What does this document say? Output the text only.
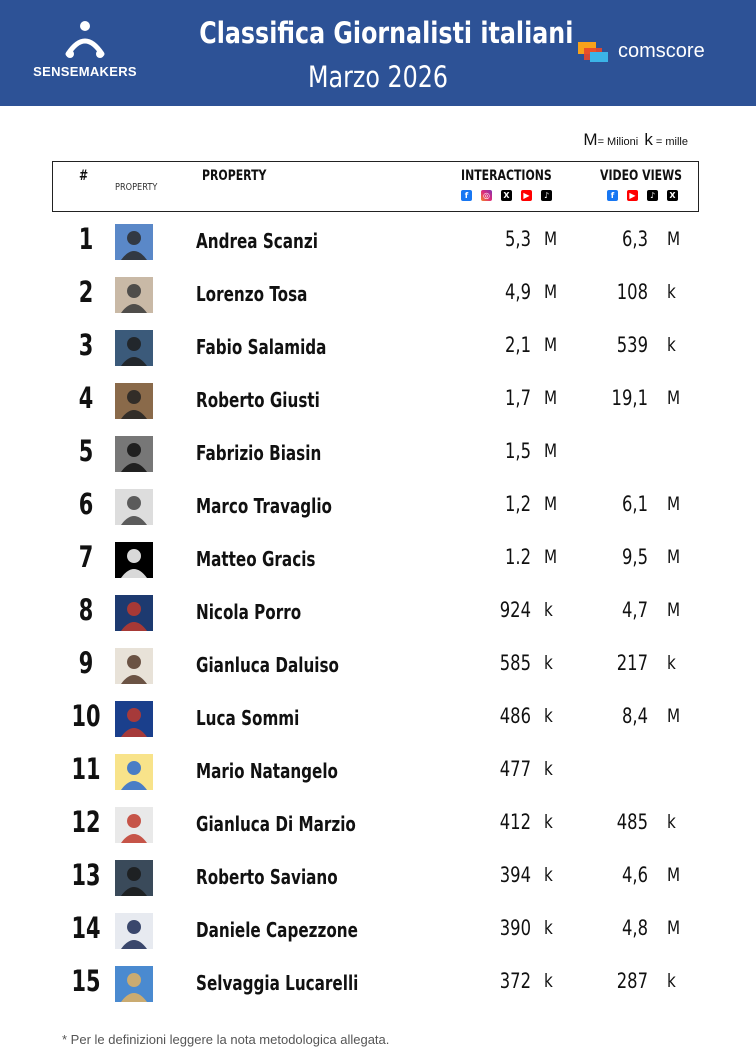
SENSEMAKERS
Classifica Giornalisti italiani
Marzo 2026
comscore
M= Milioni k = mille
#
PROPERTY
PROPERTY	INTERACTIONS
f	◎	X	▶	♪
VIDEO VIEWS
f	▶	♪	X
1	Andrea Scanzi	5,3 M	6,3 M
2	Lorenzo Tosa	4,9 M	108 k
3	Fabio Salamida	2,1 M	539 k
4	Roberto Giusti	1,7 M	19,1 M
5	Fabrizio Biasin	1,5 M
6	Marco Travaglio	1,2 M	6,1 M
7	Matteo Gracis	1.2 M	9,5 M
8	Nicola Porro	924 k	4,7 M
9	Gianluca Daluiso	585 k	217 k
10	Luca Sommi	486 k	8,4 M
11	Mario Natangelo	477 k
12	Gianluca Di Marzio	412 k	485 k
13	Roberto Saviano	394 k	4,6 M
14	Daniele Capezzone	390 k	4,8 M
15	Selvaggia Lucarelli	372 k	287 k
* Per le definizioni leggere la nota metodologica allegata.
